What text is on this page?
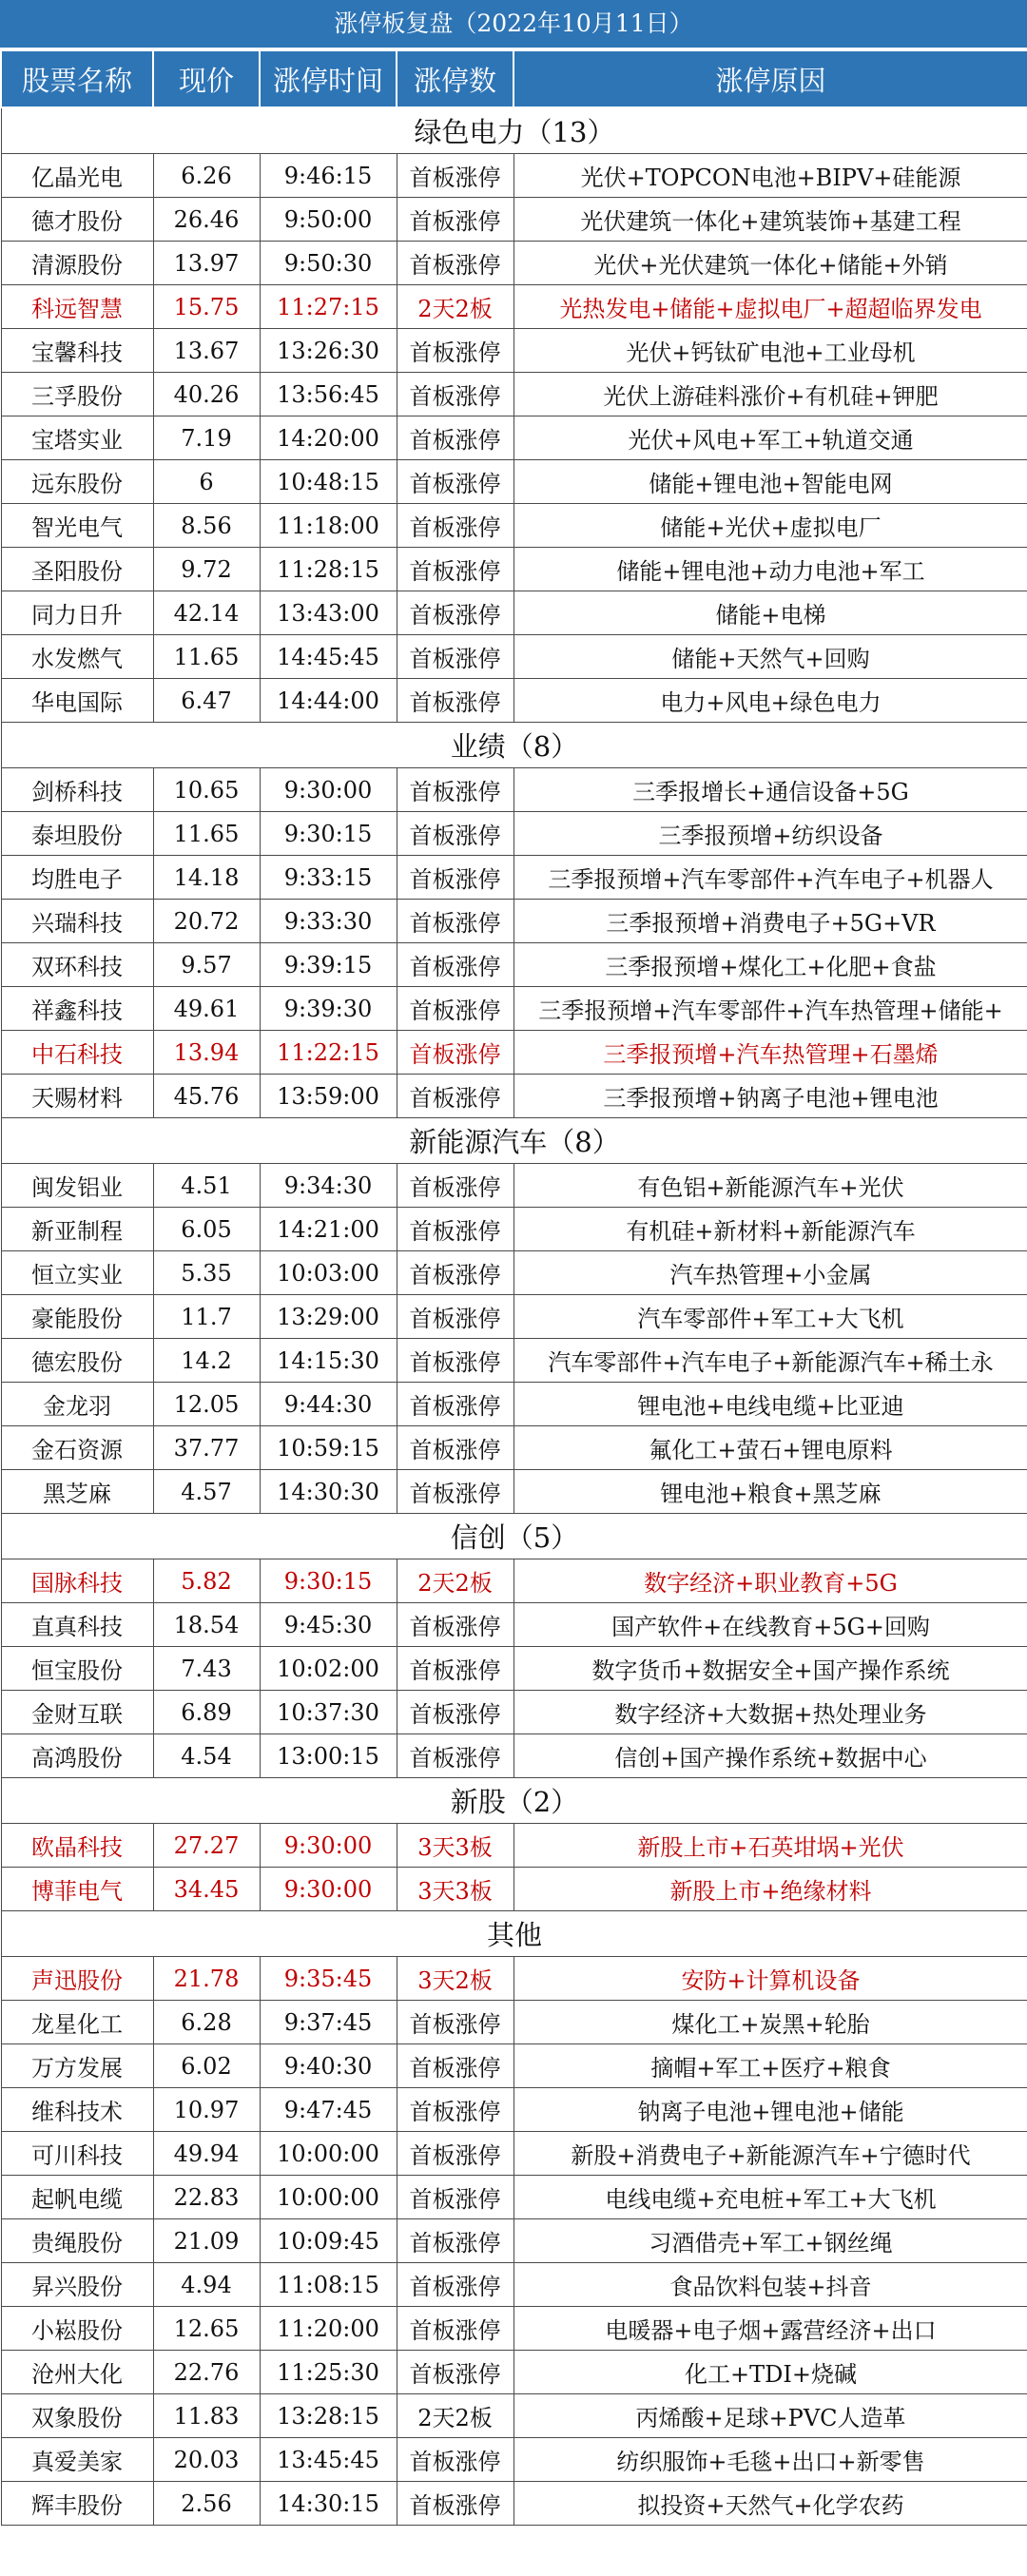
涨停板复盘（2022年10月11日）
股票名称	现价	涨停时间	涨停数	涨停原因
绿色电力（13）				
亿晶光电	6.26	9:46:15	首板涨停	光伏+TOPCON电池+BIPV+硅能源
德才股份	26.46	9:50:00	首板涨停	光伏建筑一体化+建筑装饰+基建工程
清源股份	13.97	9:50:30	首板涨停	光伏+光伏建筑一体化+储能+外销
科远智慧	15.75	11:27:15	2天2板	光热发电+储能+虚拟电厂+超超临界发电
宝馨科技	13.67	13:26:30	首板涨停	光伏+钙钛矿电池+工业母机
三孚股份	40.26	13:56:45	首板涨停	光伏上游硅料涨价+有机硅+钾肥
宝塔实业	7.19	14:20:00	首板涨停	光伏+风电+军工+轨道交通
远东股份	6	10:48:15	首板涨停	储能+锂电池+智能电网
智光电气	8.56	11:18:00	首板涨停	储能+光伏+虚拟电厂
圣阳股份	9.72	11:28:15	首板涨停	储能+锂电池+动力电池+军工
同力日升	42.14	13:43:00	首板涨停	储能+电梯
水发燃气	11.65	14:45:45	首板涨停	储能+天然气+回购
华电国际	6.47	14:44:00	首板涨停	电力+风电+绿色电力
业绩（8）				
剑桥科技	10.65	9:30:00	首板涨停	三季报增长+通信设备+5G
泰坦股份	11.65	9:30:15	首板涨停	三季报预增+纺织设备
均胜电子	14.18	9:33:15	首板涨停	三季报预增+汽车零部件+汽车电子+机器人
兴瑞科技	20.72	9:33:30	首板涨停	三季报预增+消费电子+5G+VR
双环科技	9.57	9:39:15	首板涨停	三季报预增+煤化工+化肥+食盐
祥鑫科技	49.61	9:39:30	首板涨停	三季报预增+汽车零部件+汽车热管理+储能+
中石科技	13.94	11:22:15	首板涨停	三季报预增+汽车热管理+石墨烯
天赐材料	45.76	13:59:00	首板涨停	三季报预增+钠离子电池+锂电池
新能源汽车（8）				
闽发铝业	4.51	9:34:30	首板涨停	有色铝+新能源汽车+光伏
新亚制程	6.05	14:21:00	首板涨停	有机硅+新材料+新能源汽车
恒立实业	5.35	10:03:00	首板涨停	汽车热管理+小金属
豪能股份	11.7	13:29:00	首板涨停	汽车零部件+军工+大飞机
德宏股份	14.2	14:15:30	首板涨停	汽车零部件+汽车电子+新能源汽车+稀土永
金龙羽	12.05	9:44:30	首板涨停	锂电池+电线电缆+比亚迪
金石资源	37.77	10:59:15	首板涨停	氟化工+萤石+锂电原料
黑芝麻	4.57	14:30:30	首板涨停	锂电池+粮食+黑芝麻
信创（5）				
国脉科技	5.82	9:30:15	2天2板	数字经济+职业教育+5G
直真科技	18.54	9:45:30	首板涨停	国产软件+在线教育+5G+回购
恒宝股份	7.43	10:02:00	首板涨停	数字货币+数据安全+国产操作系统
金财互联	6.89	10:37:30	首板涨停	数字经济+大数据+热处理业务
高鸿股份	4.54	13:00:15	首板涨停	信创+国产操作系统+数据中心
新股（2）				
欧晶科技	27.27	9:30:00	3天3板	新股上市+石英坩埚+光伏
博菲电气	34.45	9:30:00	3天3板	新股上市+绝缘材料
其他				
声迅股份	21.78	9:35:45	3天2板	安防+计算机设备
龙星化工	6.28	9:37:45	首板涨停	煤化工+炭黑+轮胎
万方发展	6.02	9:40:30	首板涨停	摘帽+军工+医疗+粮食
维科技术	10.97	9:47:45	首板涨停	钠离子电池+锂电池+储能
可川科技	49.94	10:00:00	首板涨停	新股+消费电子+新能源汽车+宁德时代
起帆电缆	22.83	10:00:00	首板涨停	电线电缆+充电桩+军工+大飞机
贵绳股份	21.09	10:09:45	首板涨停	习酒借壳+军工+钢丝绳
昇兴股份	4.94	11:08:15	首板涨停	食品饮料包装+抖音
小崧股份	12.65	11:20:00	首板涨停	电暖器+电子烟+露营经济+出口
沧州大化	22.76	11:25:30	首板涨停	化工+TDI+烧碱
双象股份	11.83	13:28:15	2天2板	丙烯酸+足球+PVC人造革
真爱美家	20.03	13:45:45	首板涨停	纺织服饰+毛毯+出口+新零售
辉丰股份	2.56	14:30:15	首板涨停	拟投资+天然气+化学农药
